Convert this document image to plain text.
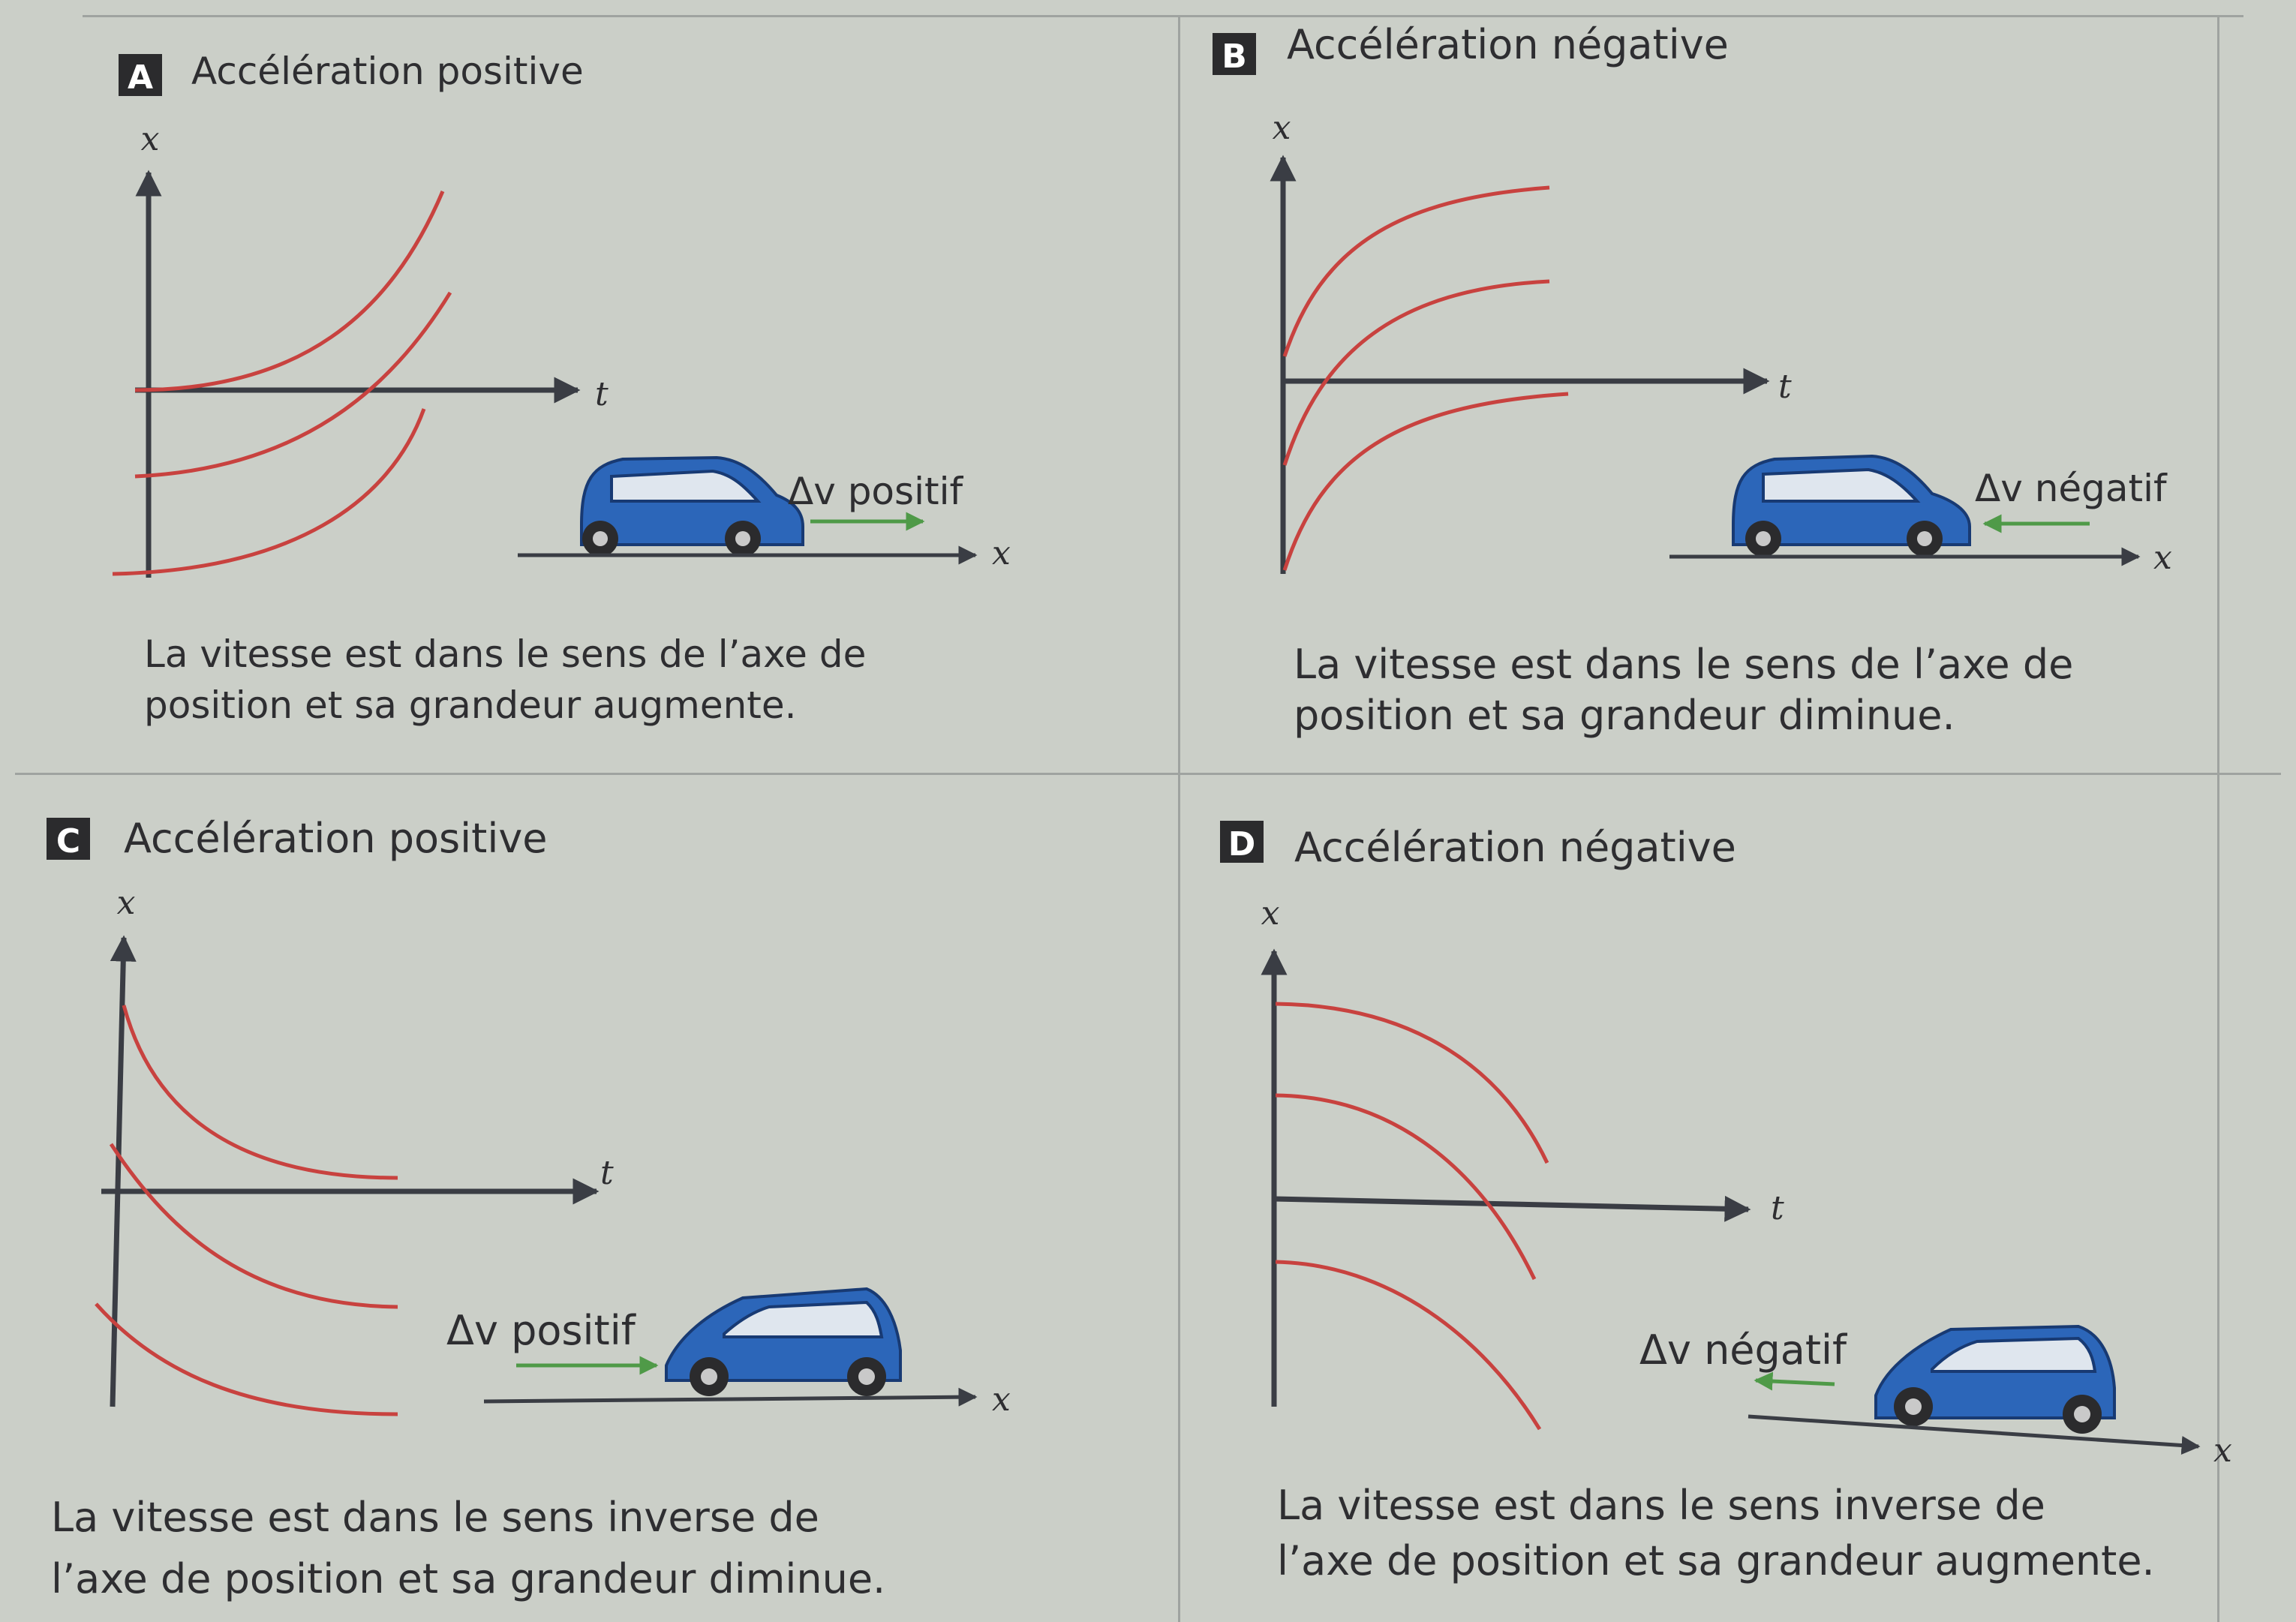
A Accélération positive
x
t
Δv positif
x
B Accélération négative
x
t
Δv négatif
x
C Accélération positive
x
t
Δv positif
x
D Accélération négative
x
t
Δv négatif
x

La vitesse est dans le sens de l’axe de
position et sa grandeur augmente.

La vitesse est dans le sens de l’axe de
position et sa grandeur diminue.

La vitesse est dans le sens inverse de
l’axe de position et sa grandeur diminue.

La vitesse est dans le sens inverse de
l’axe de position et sa grandeur augmente.
